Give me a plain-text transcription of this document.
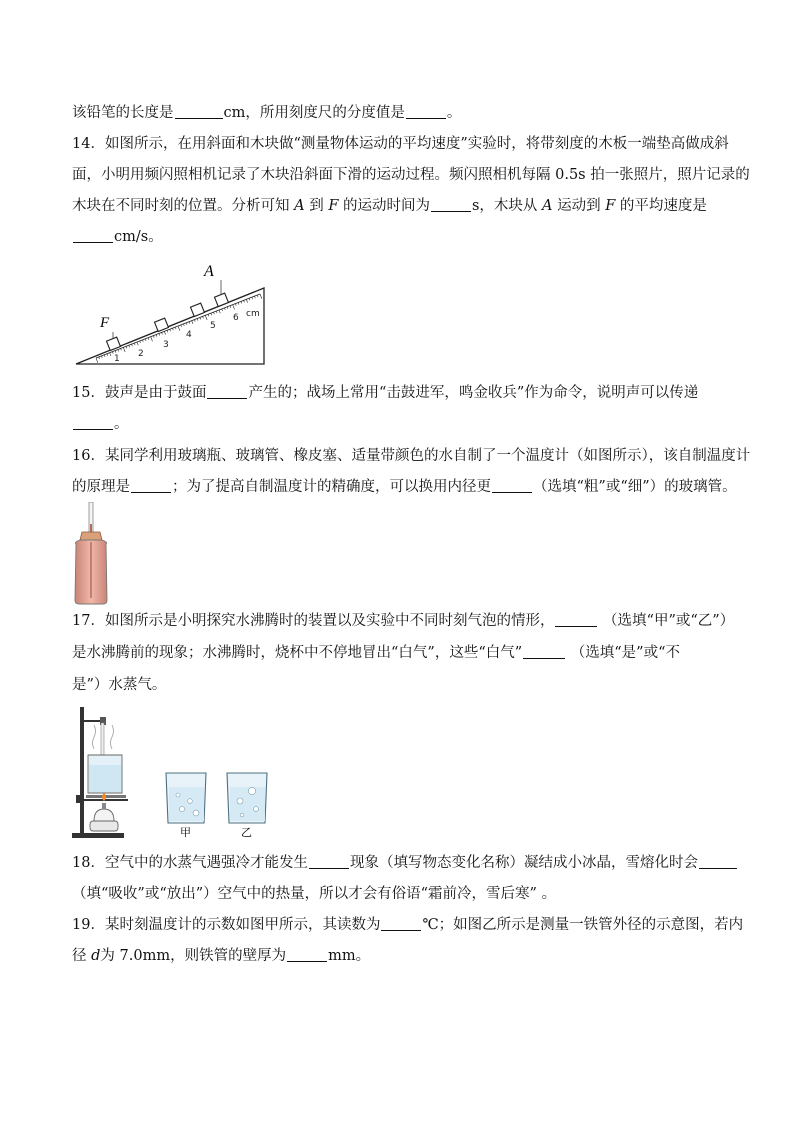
该铅笔的长度是	cm，所用刻度尺的分度值是	。
14．如图所示，在用斜面和木块做“测量物体运动的平均速度”实验时，将带刻度的木板一端垫高做成斜
面，小明用频闪照相机记录了木块沿斜面下滑的运动过程。频闪照相机每隔 0.5s 拍一张照片，照片记录的
木块在不同时刻的位置。分析可知 A 到 F 的运动时间为	s，木块从 A 运动到 F 的平均速度是
cm/s。
A
F
1 2
3
4
5
6 cm
15．鼓声是由于鼓面	产生的；战场上常用“击鼓进军，鸣金收兵”作为命令，说明声可以传递
。
16．某同学利用玻璃瓶、玻璃管、橡皮塞、适量带颜色的水自制了一个温度计（如图所示），该自制温度计
的原理是	；为了提高自制温度计的精确度，可以换用内径更	（选填“粗”或“细”）的玻璃管。
17．如图所示是小明探究水沸腾时的装置以及实验中不同时刻气泡的情形，	（选填“甲”或“乙”）
是水沸腾前的现象；水沸腾时，烧杯中不停地冒出“白气”，这些“白气”	（选填“是”或“不
是”）水蒸气。
甲	乙
18．空气中的水蒸气遇强冷才能发生	现象（填写物态变化名称）凝结成小冰晶，雪熔化时会
（填“吸收”或“放出”）空气中的热量，所以才会有俗语“霜前冷，雪后寒” 。
19．某时刻温度计的示数如图甲所示，其读数为	℃；如图乙所示是测量一铁管外径的示意图，若内
径 d为 7.0mm，则铁管的壁厚为	mm。
